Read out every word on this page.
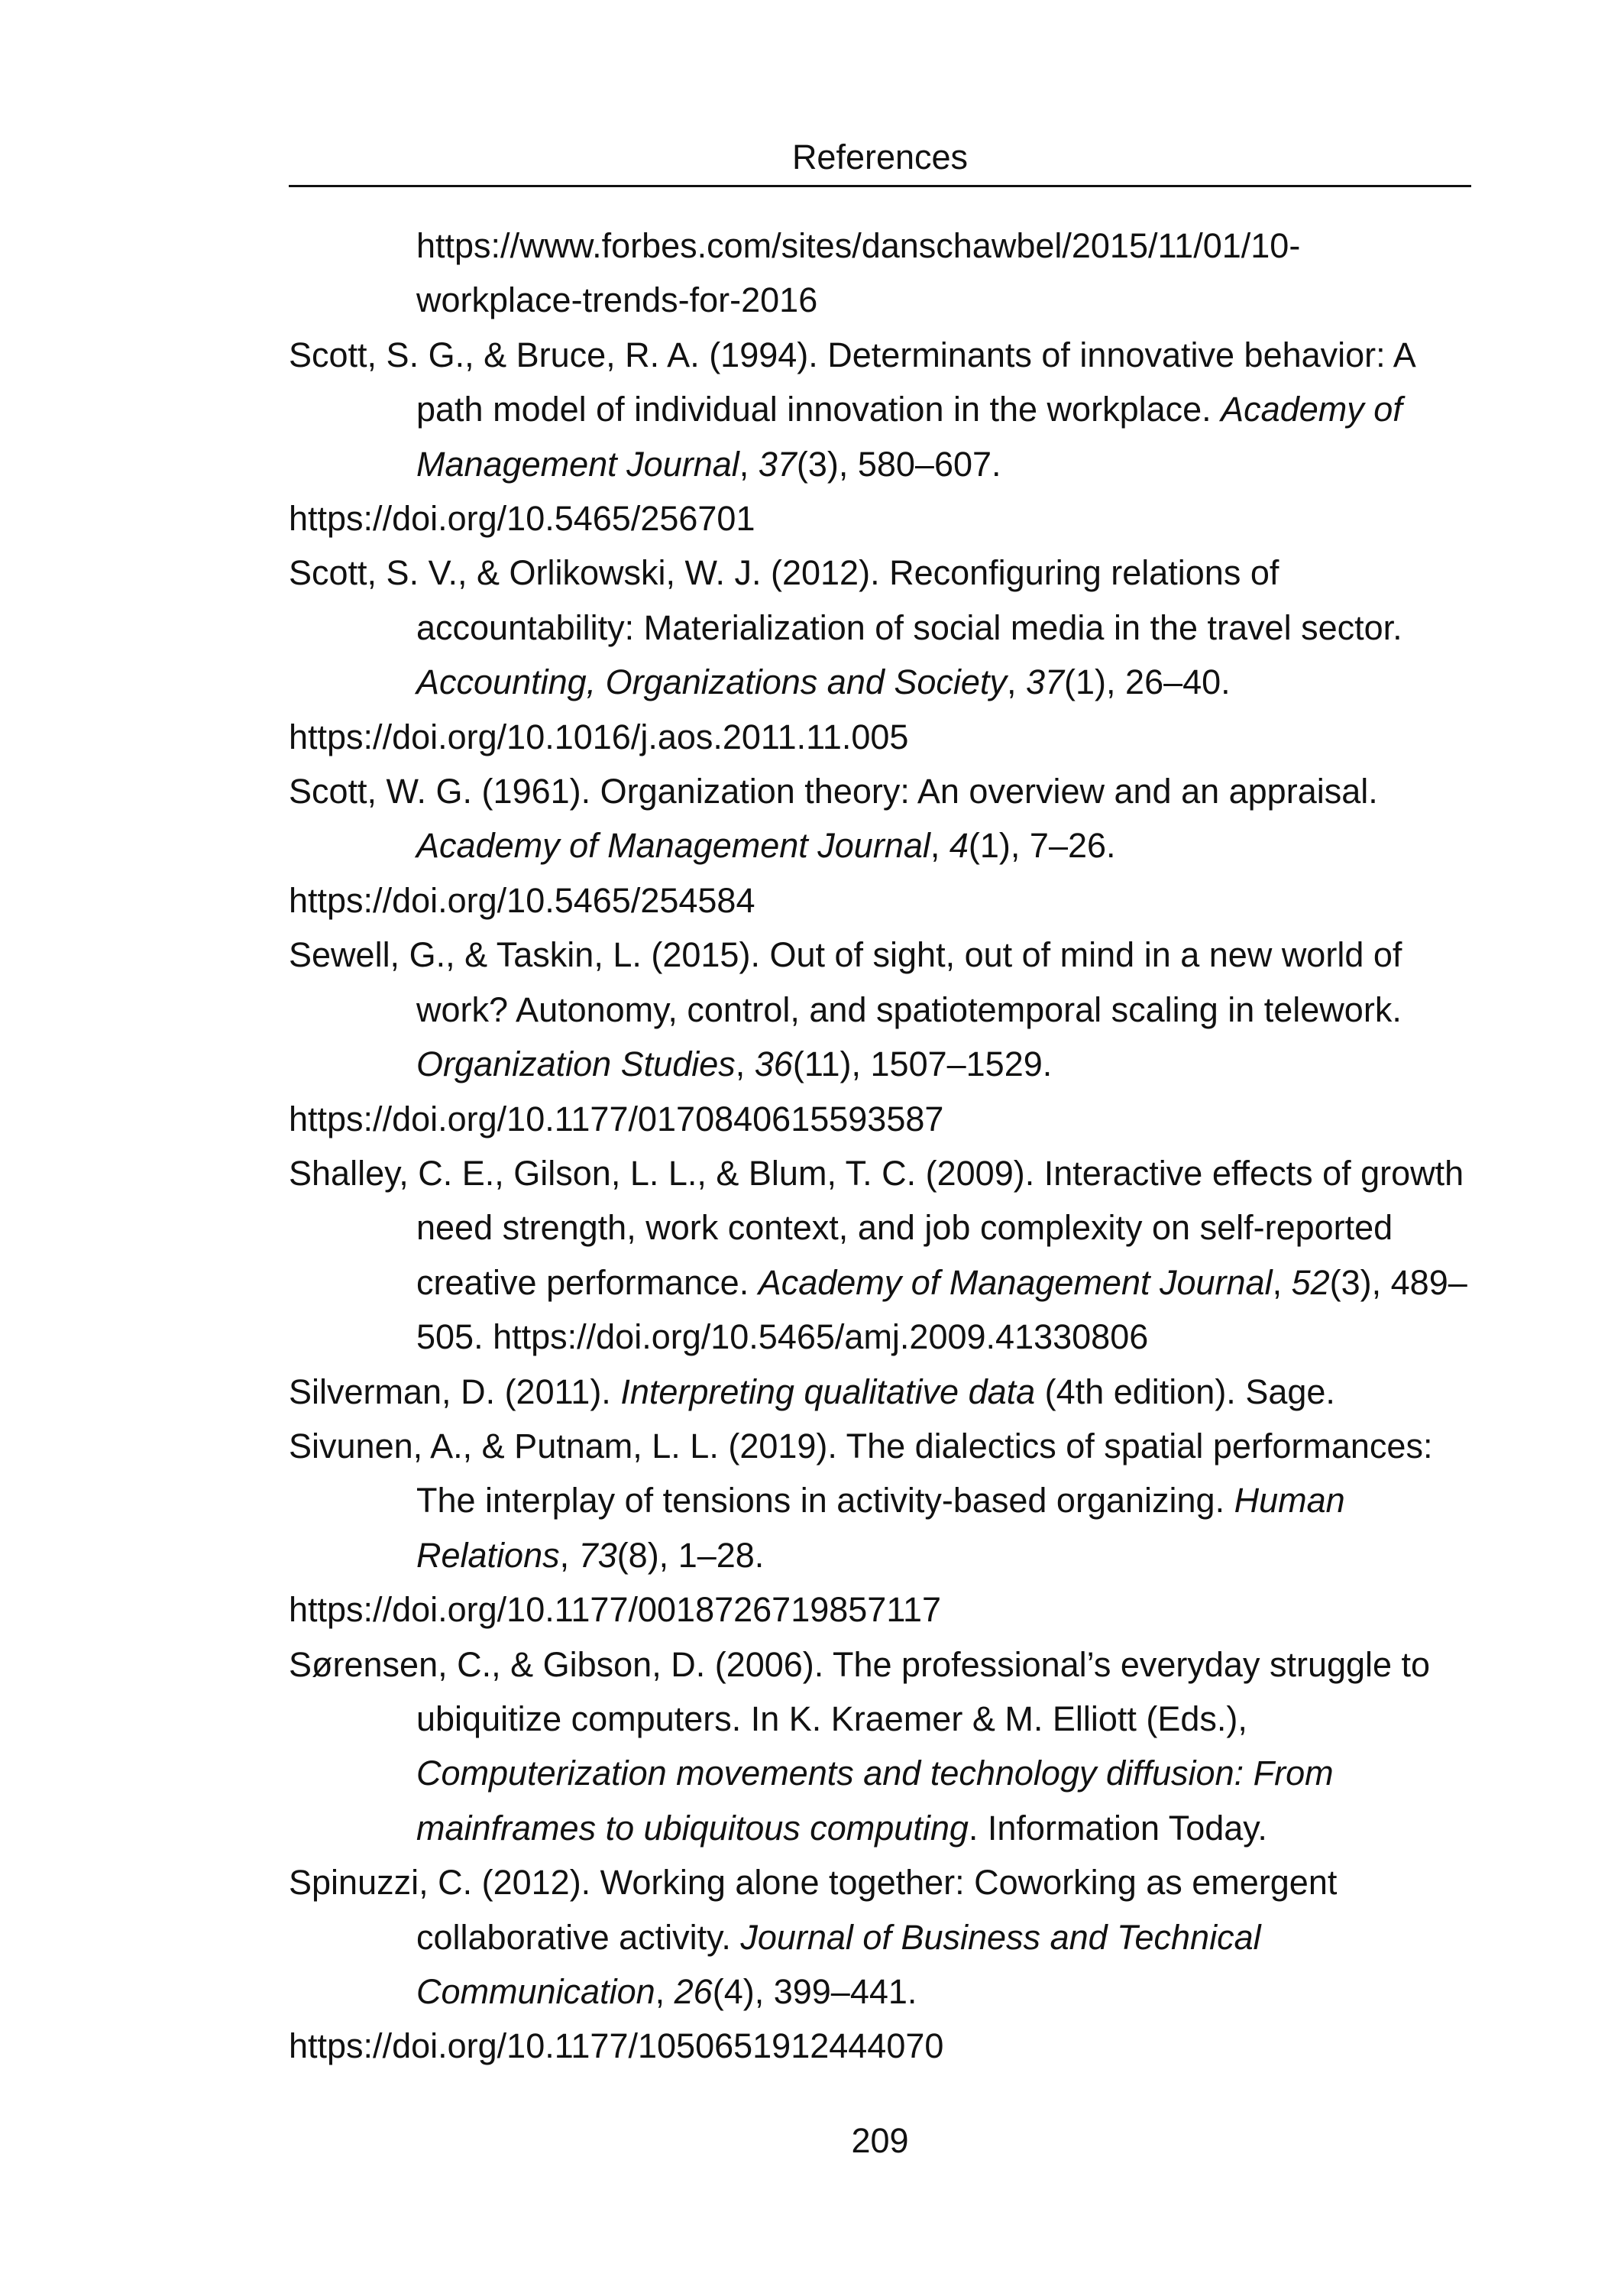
References
https://www.forbes.com/sites/danschawbel/2015/11/01/10-
workplace-trends-for-2016
Scott, S. G., & Bruce, R. A. (1994). Determinants of innovative behavior: A path model of individual innovation in the workplace. Academy of Management Journal, 37(3), 580–607.
https://doi.org/10.5465/256701
Scott, S. V., & Orlikowski, W. J. (2012). Reconfiguring relations of accountability: Materialization of social media in the travel sector. Accounting, Organizations and Society, 37(1), 26–40.
https://doi.org/10.1016/j.aos.2011.11.005
Scott, W. G. (1961). Organization theory: An overview and an appraisal. Academy of Management Journal, 4(1), 7–26.
https://doi.org/10.5465/254584
Sewell, G., & Taskin, L. (2015). Out of sight, out of mind in a new world of work? Autonomy, control, and spatiotemporal scaling in telework. Organization Studies, 36(11), 1507–1529.
https://doi.org/10.1177/0170840615593587
Shalley, C. E., Gilson, L. L., & Blum, T. C. (2009). Interactive effects of growth need strength, work context, and job complexity on self-reported creative performance. Academy of Management Journal, 52(3), 489–505. https://doi.org/10.5465/amj.2009.41330806
Silverman, D. (2011). Interpreting qualitative data (4th edition). Sage.
Sivunen, A., & Putnam, L. L. (2019). The dialectics of spatial performances: The interplay of tensions in activity-based organizing. Human Relations, 73(8), 1–28.
https://doi.org/10.1177/0018726719857117
Sørensen, C., & Gibson, D. (2006). The professional’s everyday struggle to ubiquitize computers. In K. Kraemer & M. Elliott (Eds.), Computerization movements and technology diffusion: From mainframes to ubiquitous computing. Information Today.
Spinuzzi, C. (2012). Working alone together: Coworking as emergent collaborative activity. Journal of Business and Technical Communication, 26(4), 399–441.
https://doi.org/10.1177/1050651912444070
209
